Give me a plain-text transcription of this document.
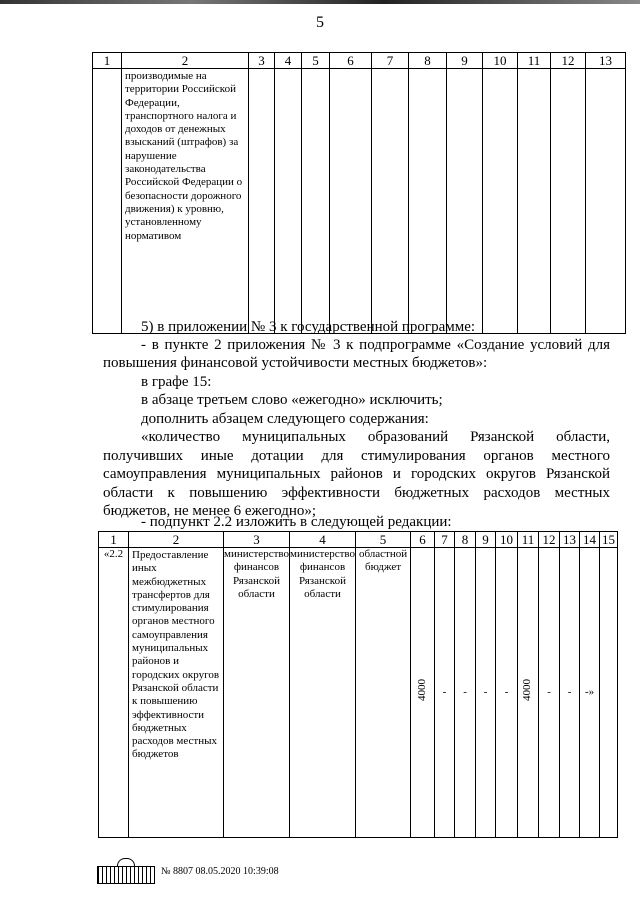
5
1	2	3	4	5	6	7	8	9	10	11	12	13
	производимые на территории Российской Федерации, транспортного налога и доходов от денежных взысканий (штрафов) за нарушение законодательства Российской Федерации о безопасности дорожного движения) к уровню, установленному нормативом											

5) в приложении № 3 к государственной программе:

- в пункте 2 приложения № 3 к подпрограмме «Создание условий для

повышения финансовой устойчивости местных бюджетов»:

в графе 15:

в абзаце третьем слово «ежегодно» исключить;

дополнить абзацем следующего содержания:

«количество муниципальных образований Рязанской области,

получивших иные дотации для стимулирования органов местного

самоуправления муниципальных районов и городских округов Рязанской

области к повышению эффективности бюджетных расходов местных

бюджетов, не менее 6 ежегодно»;

- подпункт 2.2 изложить в следующей редакции:

1	2	3	4	5	6	7	8	9	10	11	12	13	14	15
«2.2	Предоставление иных межбюджетных трансфертов для стимулирования органов местного самоуправления муниципальных районов и городских округов Рязанской области к повышению эффективности бюджетных расходов местных бюджетов	министерство финансов Рязанской области	министерство финансов Рязанской области	областной бюджет	4000	-	-	-	-	4000	-	-	-»	
№ 8807 08.05.2020 10:39:08
